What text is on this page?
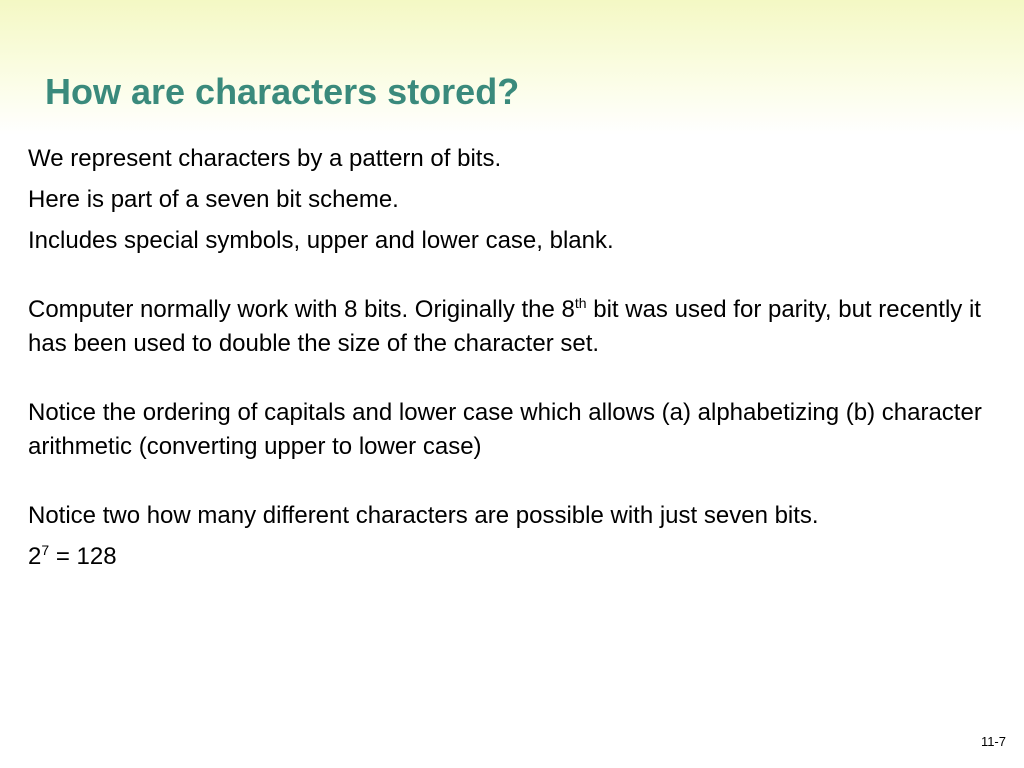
How are characters stored?

We represent characters by a pattern of bits.

Here is part of a seven bit scheme.

Includes special symbols, upper and lower case, blank.

Computer normally work with 8 bits. Originally the 8th bit was used for parity, but recently it has been used to double the size of the character set.

Notice the ordering of capitals and lower case which allows (a) alphabetizing (b) character arithmetic (converting upper to lower case)

Notice two how many different characters are possible with just seven bits.

$2^7 = 128$

11-7
